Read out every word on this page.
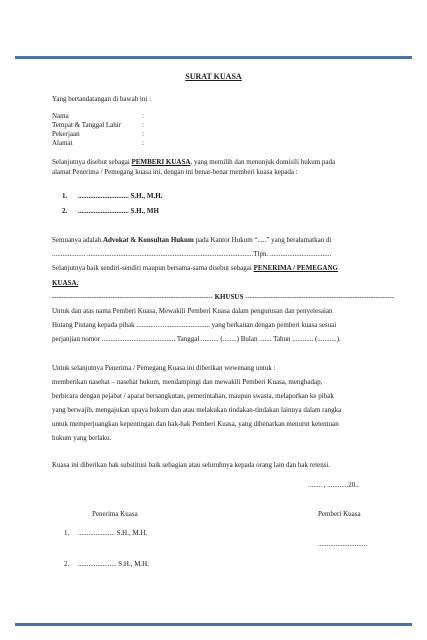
SURAT KUASA
Yang bertandatangan di bawah ini :
Nama	:
Tempat & Tanggal Lahir	:
Pekerjaan	:
Alamat	:
Selanjutnya disebut sebagai PEMBERI KUASA, yang memilih dan menunjuk domisili hukum pada
alamat Penerima / Pemegang kuasa ini, dengan ini benar-benar memberi kuasa kepada :
1. ............................. S.H., M.H.
2. ............................. S.H., MH
Semuanya adalah Advokat & Konsultan Hukum pada Kantor Hukum “.....” yang beralamatkan di
................... ...............................................................................................Tlpn. ...................................
Selanjutnya baik sendiri-sendiri maupun bersama-sama disebut sebagai PENERIMA / PEMEGANG
KUASA.
--------------------------------------------------------------------- KHUSUS ----------------------------------------------------------------
Untuk dan atas nama Pemberi Kuasa, Mewakili Pemberi Kuasa dalam pengurusan dan penyelesaian
Hutang Piutang kepada pihak .......................................... yang berkaitan dengan pemberi kuasa sesuai
perjanjian nomor .......................................... Tanggal .......... (........) Bulan ....... Tahun ............ (...........).
Untuk selanjutnya Penerima / Pemegang Kuasa ini diberikan wewenang untuk :
memberikan nasehat – nasehat hukum, mendampingi dan mewakili Pemberi Kuasa, menghadap,
berbicara dengan pejabat / aparat bersangkutan, pemerintahan, maupun swasta, melaporkan ke pihak
yang berwajib, mengajukan upaya hukum dan atau melakukan tindakan-tindakan lainnya dalam rangka
untuk memperjuangkan kepentingan dan hak-hak Pemberi Kuasa, yang dibenarkan menurut ketentuan
hukum yang berlaku.
Kuasa ini diberikan hak substitusi baik sebagian atau seluruhnya kepada orang lain dan hak retensi.
........ , ............20..
Penerima Kuasa	Pemberi Kuasa
1. ..................... S.H., M.H.
............................
2. ...................... S.H., M.H.
